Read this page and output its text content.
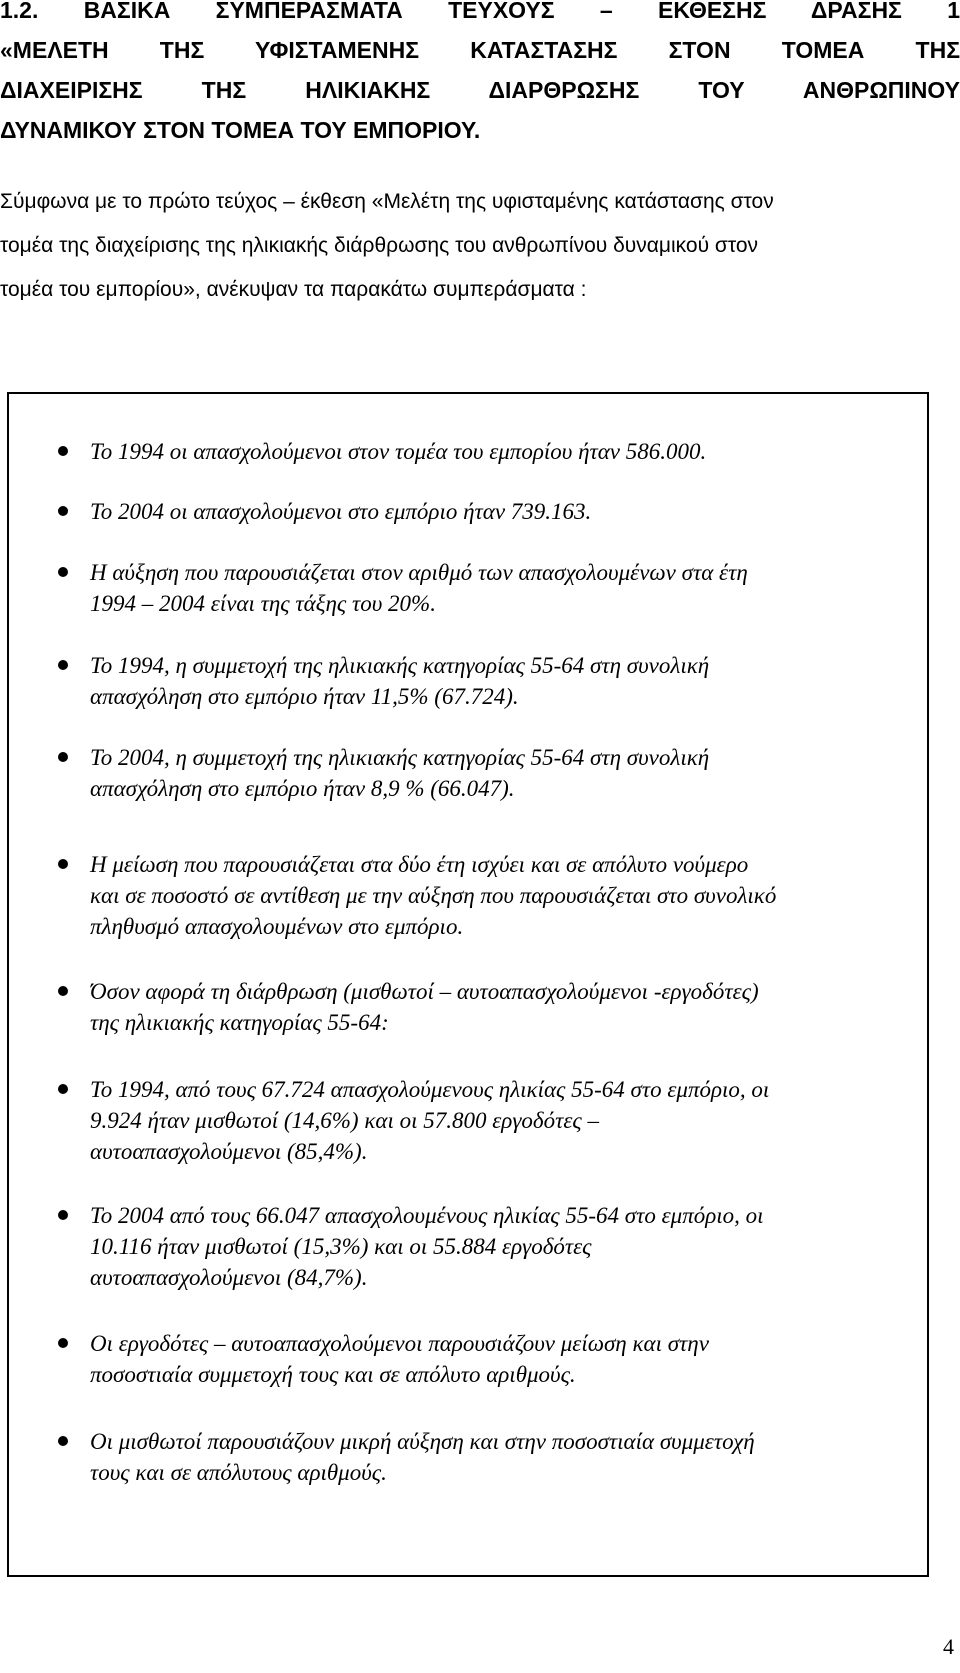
1.2. ΒΑΣΙΚΑ ΣΥΜΠΕΡΑΣΜΑΤΑ ΤΕΥΧΟΥΣ – ΕΚΘΕΣΗΣ ΔΡΑΣΗΣ 1
«ΜΕΛΕΤΗ ΤΗΣ ΥΦΙΣΤΑΜΕΝΗΣ ΚΑΤΑΣΤΑΣΗΣ ΣΤΟΝ ΤΟΜΕΑ ΤΗΣ
ΔΙΑΧΕΙΡΙΣΗΣ ΤΗΣ ΗΛΙΚΙΑΚΗΣ ΔΙΑΡΘΡΩΣΗΣ ΤΟΥ ΑΝΘΡΩΠΙΝΟΥ
ΔΥΝΑΜΙΚΟΥ ΣΤΟΝ ΤΟΜΕΑ ΤΟΥ ΕΜΠΟΡΙΟΥ.
Σύμφωνα με το πρώτο τεύχος – έκθεση «Μελέτη της υφισταμένης κατάστασης στον
τομέα της διαχείρισης της ηλικιακής διάρθρωσης του ανθρωπίνου δυναμικού στον
τομέα του εμπορίου», ανέκυψαν τα παρακάτω συμπεράσματα :
Το 1994 οι απασχολούμενοι στον τομέα του εμπορίου ήταν 586.000.
Το 2004 οι απασχολούμενοι στο εμπόριο ήταν 739.163.
Η αύξηση που παρουσιάζεται στον αριθμό των απασχολουμένων στα έτη
1994 – 2004 είναι της τάξης του 20%.
Το 1994, η συμμετοχή της ηλικιακής κατηγορίας 55-64 στη συνολική
απασχόληση στο εμπόριο ήταν 11,5% (67.724).
Το 2004, η συμμετοχή της ηλικιακής κατηγορίας 55-64 στη συνολική
απασχόληση στο εμπόριο ήταν 8,9 % (66.047).
Η μείωση που παρουσιάζεται στα δύο έτη ισχύει και σε απόλυτο νούμερο
και σε ποσοστό σε αντίθεση με την αύξηση που παρουσιάζεται στο συνολικό
πληθυσμό απασχολουμένων στο εμπόριο.
Όσον αφορά τη διάρθρωση (μισθωτοί – αυτοαπασχολούμενοι -εργοδότες)
της ηλικιακής κατηγορίας 55-64:
Το 1994, από τους 67.724 απασχολούμενους ηλικίας 55-64 στο εμπόριο, οι
9.924 ήταν μισθωτοί (14,6%) και οι 57.800 εργοδότες –
αυτοαπασχολούμενοι (85,4%).
Το 2004 από τους 66.047 απασχολουμένους ηλικίας 55-64 στο εμπόριο, οι
10.116 ήταν μισθωτοί (15,3%) και οι 55.884 εργοδότες
αυτοαπασχολούμενοι (84,7%).
Οι εργοδότες – αυτοαπασχολούμενοι παρουσιάζουν μείωση και στην
ποσοστιαία συμμετοχή τους και σε απόλυτο αριθμούς.
Οι μισθωτοί παρουσιάζουν μικρή αύξηση και στην ποσοστιαία συμμετοχή
τους και σε απόλυτους αριθμούς.
4
